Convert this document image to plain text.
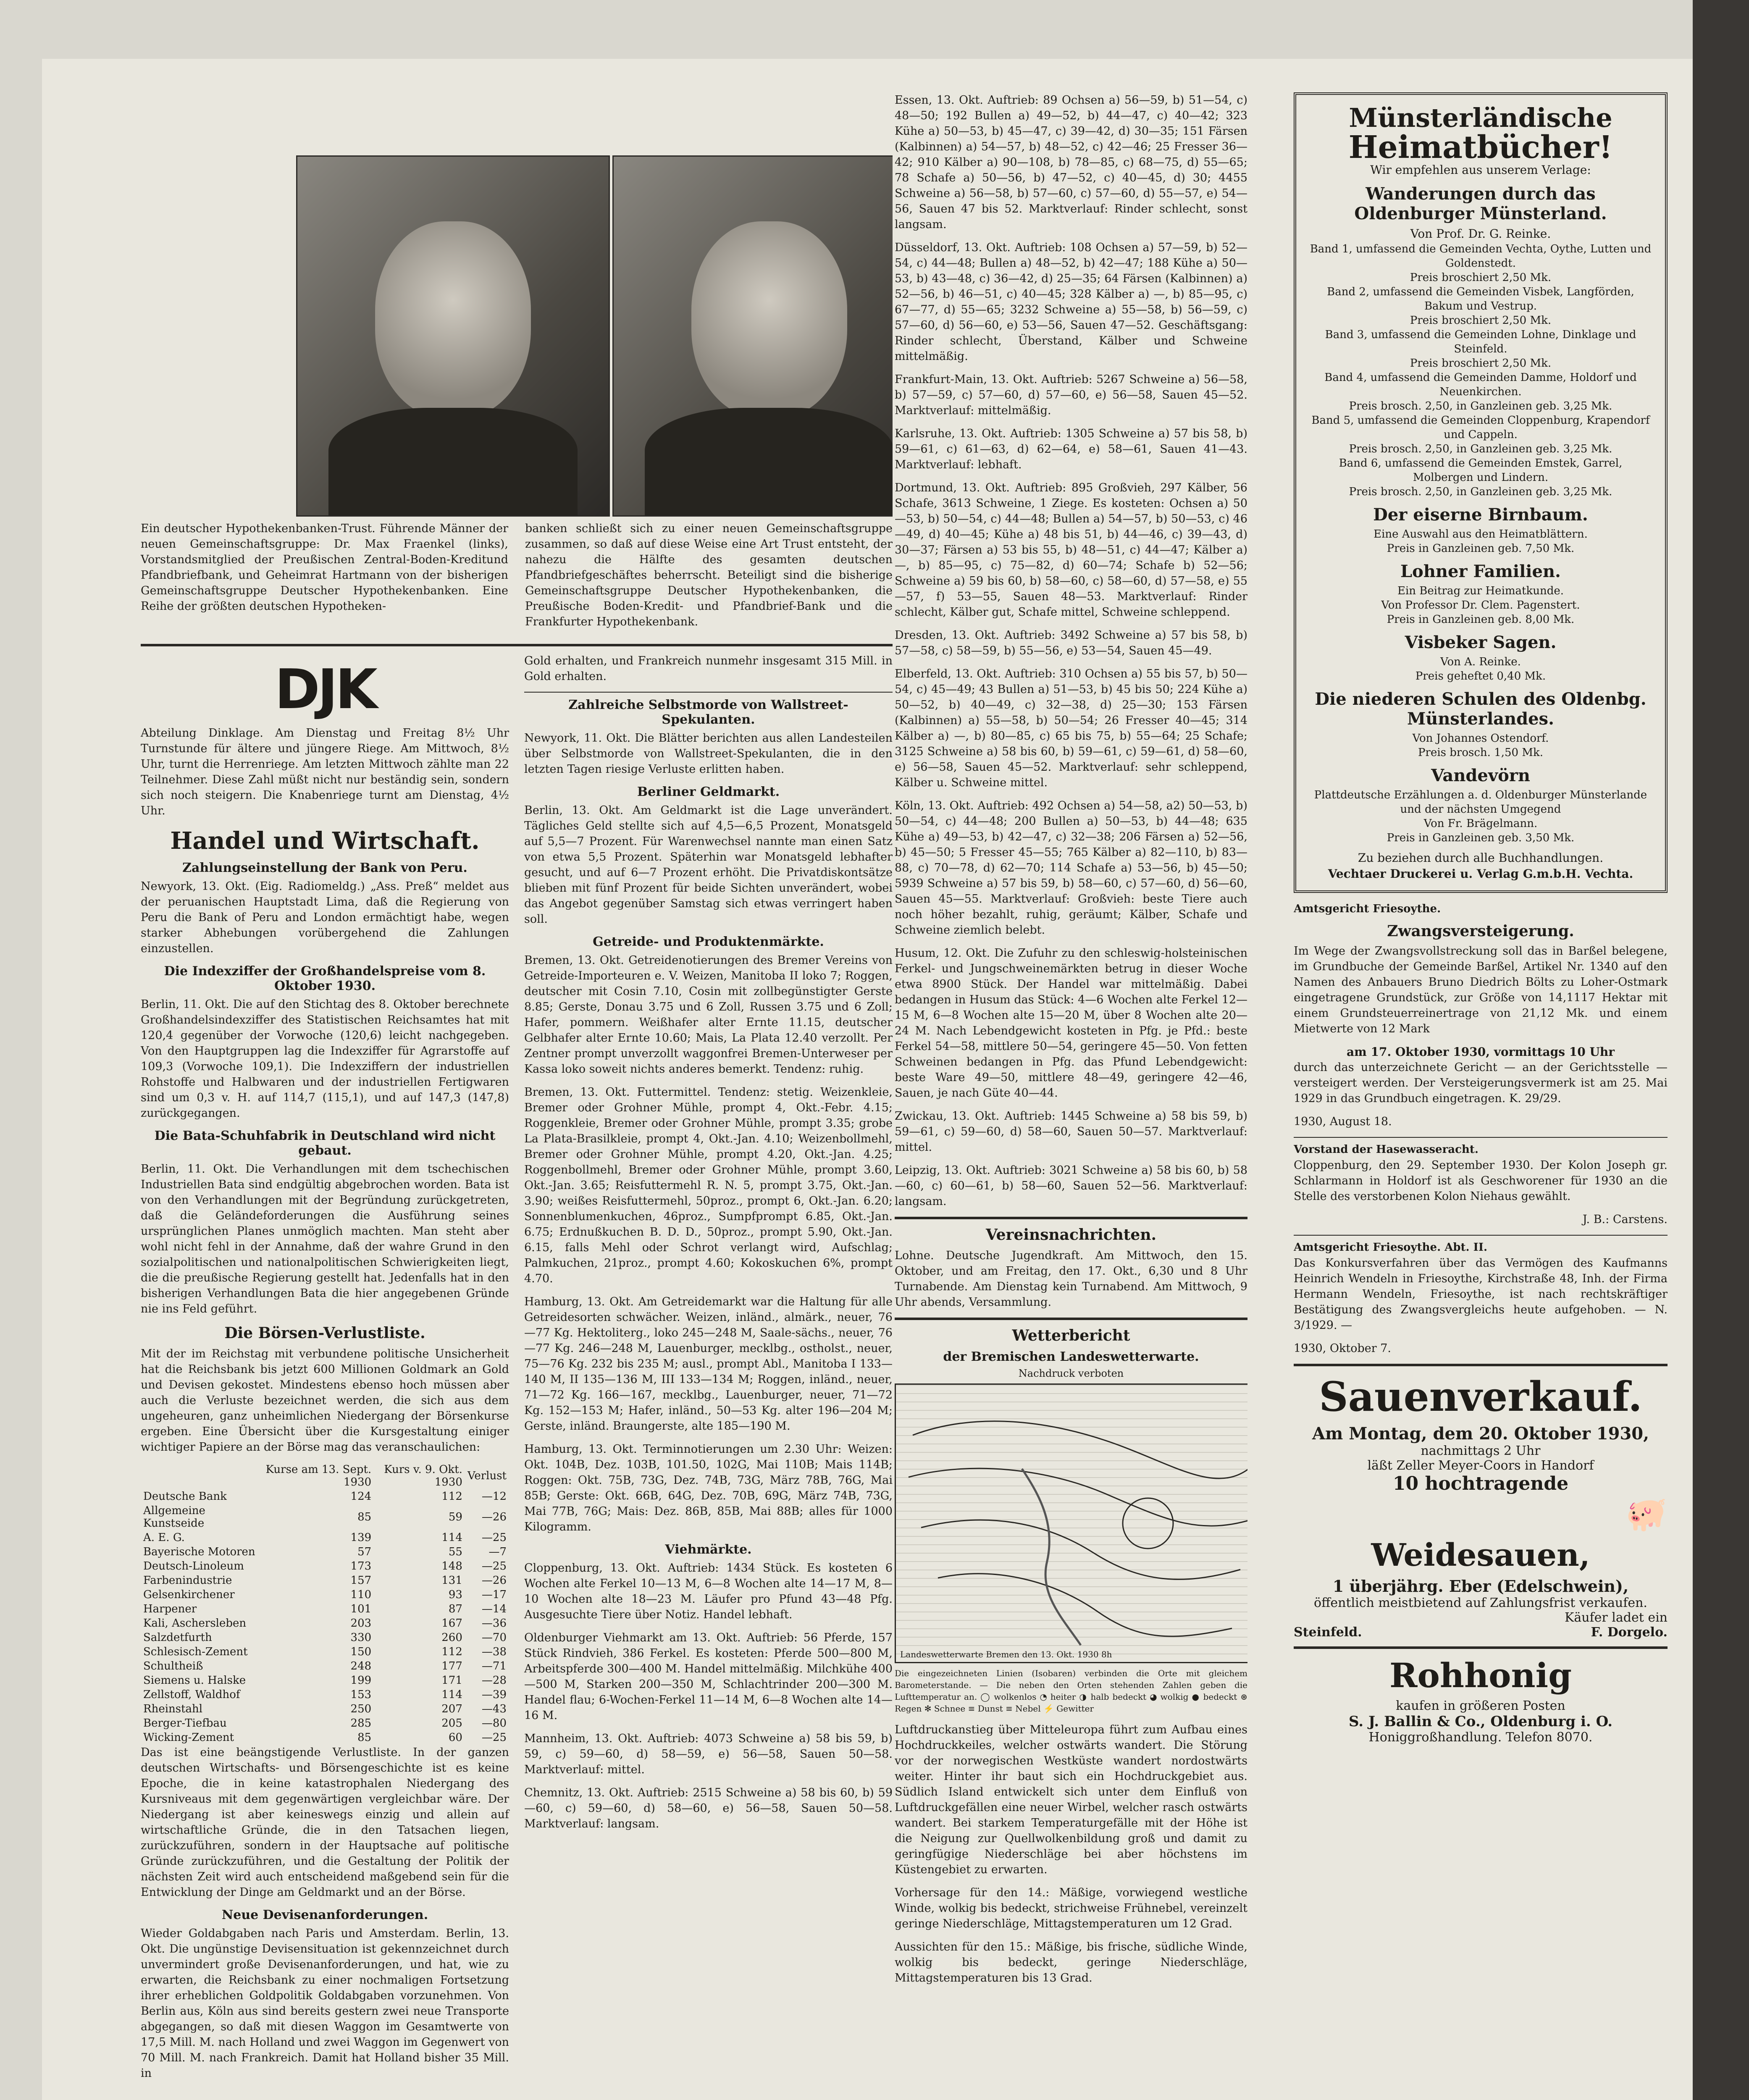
Ein deutscher Hypothekenbanken-Trust. Führende Männer der neuen Gemeinschaftsgruppe: Dr. Max Fraenkel (links), Vorstandsmitglied der Preußischen Zentral-Boden-Kreditund Pfandbriefbank, und Geheimrat Hartmann von der bisherigen Gemeinschaftsgruppe Deutscher Hypothekenbanken. Eine Reihe der größten deutschen Hypotheken-

banken schließt sich zu einer neuen Gemeinschaftsgruppe zusammen, so daß auf diese Weise eine Art Trust entsteht, der nahezu die Hälfte des gesamten deutschen Pfandbriefgeschäftes beherrscht. Beteiligt sind die bisherige Gemeinschaftsgruppe Deutscher Hypothekenbanken, die Preußische Boden-Kredit- und Pfandbrief-Bank und die Frankfurter Hypothekenbank.

DJK

Abteilung Dinklage. Am Dienstag und Freitag 8½ Uhr Turnstunde für ältere und jüngere Riege. Am Mittwoch, 8½ Uhr, turnt die Herrenriege. Am letzten Mittwoch zählte man 22 Teilnehmer. Diese Zahl müßt nicht nur beständig sein, sondern sich noch steigern. Die Knabenriege turnt am Dienstag, 4½ Uhr.

Handel und Wirtschaft.
Zahlungseinstellung der Bank von Peru.

Newyork, 13. Okt. (Eig. Radiomeldg.) „Ass. Preß“ meldet aus der peruanischen Hauptstadt Lima, daß die Regierung von Peru die Bank of Peru and London ermächtigt habe, wegen starker Abhebungen vorübergehend die Zahlungen einzustellen.

Die Indexziffer der Großhandelspreise vom 8. Oktober 1930.

Berlin, 11. Okt. Die auf den Stichtag des 8. Oktober berechnete Großhandelsindexziffer des Statistischen Reichsamtes hat mit 120,4 gegenüber der Vorwoche (120,6) leicht nachgegeben. Von den Hauptgruppen lag die Indexziffer für Agrarstoffe auf 109,3 (Vorwoche 109,1). Die Indexziffern der industriellen Rohstoffe und Halbwaren und der industriellen Fertigwaren sind um 0,3 v. H. auf 114,7 (115,1), und auf 147,3 (147,8) zurückgegangen.

Die Bata-Schuhfabrik in Deutschland wird nicht gebaut.

Berlin, 11. Okt. Die Verhandlungen mit dem tschechischen Industriellen Bata sind endgültig abgebrochen worden. Bata ist von den Verhandlungen mit der Begründung zurückgetreten, daß die Geländeforderungen die Ausführung seines ursprünglichen Planes unmöglich machten. Man steht aber wohl nicht fehl in der Annahme, daß der wahre Grund in den sozialpolitischen und nationalpolitischen Schwierigkeiten liegt, die die preußische Regierung gestellt hat. Jedenfalls hat in den bisherigen Verhandlungen Bata die hier angegebenen Gründe nie ins Feld geführt.

Die Börsen-Verlustliste.

Mit der im Reichstag mit verbundene politische Unsicherheit hat die Reichsbank bis jetzt 600 Millionen Goldmark an Gold und Devisen gekostet. Mindestens ebenso hoch müssen aber auch die Verluste bezeichnet werden, die sich aus dem ungeheuren, ganz unheimlichen Niedergang der Börsenkurse ergeben. Eine Übersicht über die Kursgestaltung einiger wichtiger Papiere an der Börse mag das veranschaulichen:

	Kurse am 13. Sept. 1930	Kurs v. 9. Okt. 1930	Verlust
Deutsche Bank	124	112	—12
Allgemeine Kunstseide	85	59	—26
A. E. G.	139	114	—25
Bayerische Motoren	57	55	—7
Deutsch-Linoleum	173	148	—25
Farbenindustrie	157	131	—26
Gelsenkirchener	110	93	—17
Harpener	101	87	—14
Kali, Aschersleben	203	167	—36
Salzdetfurth	330	260	—70
Schlesisch-Zement	150	112	—38
Schultheiß	248	177	—71
Siemens u. Halske	199	171	—28
Zellstoff, Waldhof	153	114	—39
Rheinstahl	250	207	—43
Berger-Tiefbau	285	205	—80
Wicking-Zement	85	60	—25

Das ist eine beängstigende Verlustliste. In der ganzen deutschen Wirtschafts- und Börsengeschichte ist es keine Epoche, die in keine katastrophalen Niedergang des Kursniveaus mit dem gegenwärtigen vergleichbar wäre. Der Niedergang ist aber keineswegs einzig und allein auf wirtschaftliche Gründe, die in den Tatsachen liegen, zurückzuführen, sondern in der Hauptsache auf politische Gründe zurückzuführen, und die Gestaltung der Politik der nächsten Zeit wird auch entscheidend maßgebend sein für die Entwicklung der Dinge am Geldmarkt und an der Börse.

Neue Devisenanforderungen.

Wieder Goldabgaben nach Paris und Amsterdam. Berlin, 13. Okt. Die ungünstige Devisensituation ist gekennzeichnet durch unvermindert große Devisenanforderungen, und hat, wie zu erwarten, die Reichsbank zu einer nochmaligen Fortsetzung ihrer erheblichen Goldpolitik Goldabgaben vorzunehmen. Von Berlin aus, Köln aus sind bereits gestern zwei neue Transporte abgegangen, so daß mit diesen Waggon im Gesamtwerte von 17,5 Mill. M. nach Holland und zwei Waggon im Gegenwert von 70 Mill. M. nach Frankreich. Damit hat Holland bisher 35 Mill. in

Gold erhalten, und Frankreich nunmehr insgesamt 315 Mill. in Gold erhalten.

Zahlreiche Selbstmorde von Wallstreet-Spekulanten.

Newyork, 11. Okt. Die Blätter berichten aus allen Landesteilen über Selbstmorde von Wallstreet-Spekulanten, die in den letzten Tagen riesige Verluste erlitten haben.

Berliner Geldmarkt.

Berlin, 13. Okt. Am Geldmarkt ist die Lage unverändert. Tägliches Geld stellte sich auf 4,5—6,5 Prozent, Monatsgeld auf 5,5—7 Prozent. Für Warenwechsel nannte man einen Satz von etwa 5,5 Prozent. Späterhin war Monatsgeld lebhafter gesucht, und auf 6—7 Prozent erhöht. Die Privatdiskontsätze blieben mit fünf Prozent für beide Sichten unverändert, wobei das Angebot gegenüber Samstag sich etwas verringert haben soll.

Getreide- und Produktenmärkte.

Bremen, 13. Okt. Getreidenotierungen des Bremer Vereins von Getreide-Importeuren e. V. Weizen, Manitoba II loko 7; Roggen, deutscher mit Cosin 7.10, Cosin mit zollbegünstigter Gerste 8.85; Gerste, Donau 3.75 und 6 Zoll, Russen 3.75 und 6 Zoll; Hafer, pommern. Weißhafer alter Ernte 11.15, deutscher Gelbhafer alter Ernte 10.60; Mais, La Plata 12.40 verzollt. Per Zentner prompt unverzollt waggonfrei Bremen-Unterweser per Kassa loko soweit nichts anderes bemerkt. Tendenz: ruhig.

Bremen, 13. Okt. Futtermittel. Tendenz: stetig. Weizenkleie, Bremer oder Grohner Mühle, prompt 4, Okt.-Febr. 4.15; Roggenkleie, Bremer oder Grohner Mühle, prompt 3.35; grobe La Plata-Brasilkleie, prompt 4, Okt.-Jan. 4.10; Weizenbollmehl, Bremer oder Grohner Mühle, prompt 4.20, Okt.-Jan. 4.25; Roggenbollmehl, Bremer oder Grohner Mühle, prompt 3.60, Okt.-Jan. 3.65; Reisfuttermehl R. N. 5, prompt 3.75, Okt.-Jan. 3.90; weißes Reisfuttermehl, 50proz., prompt 6, Okt.-Jan. 6.20; Sonnenblumenkuchen, 46proz., Sumpfprompt 6.85, Okt.-Jan. 6.75; Erdnußkuchen B. D. D., 50proz., prompt 5.90, Okt.-Jan. 6.15, falls Mehl oder Schrot verlangt wird, Aufschlag; Palmkuchen, 21proz., prompt 4.60; Kokoskuchen 6%, prompt 4.70.

Hamburg, 13. Okt. Am Getreidemarkt war die Haltung für alle Getreidesorten schwächer. Weizen, inländ., almärk., neuer, 76—77 Kg. Hektoliterg., loko 245—248 M, Saale-sächs., neuer, 76—77 Kg. 246—248 M, Lauenburger, mecklbg., ostholst., neuer, 75—76 Kg. 232 bis 235 M; ausl., prompt Abl., Manitoba I 133—140 M, II 135—136 M, III 133—134 M; Roggen, inländ., neuer, 71—72 Kg. 166—167, mecklbg., Lauenburger, neuer, 71—72 Kg. 152—153 M; Hafer, inländ., 50—53 Kg. alter 196—204 M; Gerste, inländ. Braungerste, alte 185—190 M.

Hamburg, 13. Okt. Terminnotierungen um 2.30 Uhr: Weizen: Okt. 104B, Dez. 103B, 101.50, 102G, Mai 110B; Mais 114B; Roggen: Okt. 75B, 73G, Dez. 74B, 73G, März 78B, 76G, Mai 85B; Gerste: Okt. 66B, 64G, Dez. 70B, 69G, März 74B, 73G, Mai 77B, 76G; Mais: Dez. 86B, 85B, Mai 88B; alles für 1000 Kilogramm.

Viehmärkte.

Cloppenburg, 13. Okt. Auftrieb: 1434 Stück. Es kosteten 6 Wochen alte Ferkel 10—13 M, 6—8 Wochen alte 14—17 M, 8—10 Wochen alte 18—23 M. Läufer pro Pfund 43—48 Pfg. Ausgesuchte Tiere über Notiz. Handel lebhaft.

Oldenburger Viehmarkt am 13. Okt. Auftrieb: 56 Pferde, 157 Stück Rindvieh, 386 Ferkel. Es kosteten: Pferde 500—800 M, Arbeitspferde 300—400 M. Handel mittelmäßig. Milchkühe 400—500 M, Starken 200—350 M, Schlachtrinder 200—300 M. Handel flau; 6-Wochen-Ferkel 11—14 M, 6—8 Wochen alte 14—16 M.

Mannheim, 13. Okt. Auftrieb: 4073 Schweine a) 58 bis 59, b) 59, c) 59—60, d) 58—59, e) 56—58, Sauen 50—58. Marktverlauf: mittel.

Chemnitz, 13. Okt. Auftrieb: 2515 Schweine a) 58 bis 60, b) 59—60, c) 59—60, d) 58—60, e) 56—58, Sauen 50—58. Marktverlauf: langsam.

Essen, 13. Okt. Auftrieb: 89 Ochsen a) 56—59, b) 51—54, c) 48—50; 192 Bullen a) 49—52, b) 44—47, c) 40—42; 323 Kühe a) 50—53, b) 45—47, c) 39—42, d) 30—35; 151 Färsen (Kalbinnen) a) 54—57, b) 48—52, c) 42—46; 25 Fresser 36—42; 910 Kälber a) 90—108, b) 78—85, c) 68—75, d) 55—65; 78 Schafe a) 50—56, b) 47—52, c) 40—45, d) 30; 4455 Schweine a) 56—58, b) 57—60, c) 57—60, d) 55—57, e) 54—56, Sauen 47 bis 52. Marktverlauf: Rinder schlecht, sonst langsam.

Düsseldorf, 13. Okt. Auftrieb: 108 Ochsen a) 57—59, b) 52—54, c) 44—48; Bullen a) 48—52, b) 42—47; 188 Kühe a) 50—53, b) 43—48, c) 36—42, d) 25—35; 64 Färsen (Kalbinnen) a) 52—56, b) 46—51, c) 40—45; 328 Kälber a) —, b) 85—95, c) 67—77, d) 55—65; 3232 Schweine a) 55—58, b) 56—59, c) 57—60, d) 56—60, e) 53—56, Sauen 47—52. Geschäftsgang: Rinder schlecht, Überstand, Kälber und Schweine mittelmäßig.

Frankfurt-Main, 13. Okt. Auftrieb: 5267 Schweine a) 56—58, b) 57—59, c) 57—60, d) 57—60, e) 56—58, Sauen 45—52. Marktverlauf: mittelmäßig.

Karlsruhe, 13. Okt. Auftrieb: 1305 Schweine a) 57 bis 58, b) 59—61, c) 61—63, d) 62—64, e) 58—61, Sauen 41—43. Marktverlauf: lebhaft.

Dortmund, 13. Okt. Auftrieb: 895 Großvieh, 297 Kälber, 56 Schafe, 3613 Schweine, 1 Ziege. Es kosteten: Ochsen a) 50—53, b) 50—54, c) 44—48; Bullen a) 54—57, b) 50—53, c) 46—49, d) 40—45; Kühe a) 48 bis 51, b) 44—46, c) 39—43, d) 30—37; Färsen a) 53 bis 55, b) 48—51, c) 44—47; Kälber a) —, b) 85—95, c) 75—82, d) 60—74; Schafe b) 52—56; Schweine a) 59 bis 60, b) 58—60, c) 58—60, d) 57—58, e) 55—57, f) 53—55, Sauen 48—53. Marktverlauf: Rinder schlecht, Kälber gut, Schafe mittel, Schweine schleppend.

Dresden, 13. Okt. Auftrieb: 3492 Schweine a) 57 bis 58, b) 57—58, c) 58—59, b) 55—56, e) 53—54, Sauen 45—49.

Elberfeld, 13. Okt. Auftrieb: 310 Ochsen a) 55 bis 57, b) 50—54, c) 45—49; 43 Bullen a) 51—53, b) 45 bis 50; 224 Kühe a) 50—52, b) 40—49, c) 32—38, d) 25—30; 153 Färsen (Kalbinnen) a) 55—58, b) 50—54; 26 Fresser 40—45; 314 Kälber a) —, b) 80—85, c) 65 bis 75, b) 55—64; 25 Schafe; 3125 Schweine a) 58 bis 60, b) 59—61, c) 59—61, d) 58—60, e) 56—58, Sauen 45—52. Marktverlauf: sehr schleppend, Kälber u. Schweine mittel.

Köln, 13. Okt. Auftrieb: 492 Ochsen a) 54—58, a2) 50—53, b) 50—54, c) 44—48; 200 Bullen a) 50—53, b) 44—48; 635 Kühe a) 49—53, b) 42—47, c) 32—38; 206 Färsen a) 52—56, b) 45—50; 5 Fresser 45—55; 765 Kälber a) 82—110, b) 83—88, c) 70—78, d) 62—70; 114 Schafe a) 53—56, b) 45—50; 5939 Schweine a) 57 bis 59, b) 58—60, c) 57—60, d) 56—60, Sauen 45—55. Marktverlauf: Großvieh: beste Tiere auch noch höher bezahlt, ruhig, geräumt; Kälber, Schafe und Schweine ziemlich belebt.

Husum, 12. Okt. Die Zufuhr zu den schleswig-holsteinischen Ferkel- und Jungschweinemärkten betrug in dieser Woche etwa 8900 Stück. Der Handel war mittelmäßig. Dabei bedangen in Husum das Stück: 4—6 Wochen alte Ferkel 12—15 M, 6—8 Wochen alte 15—20 M, über 8 Wochen alte 20—24 M. Nach Lebendgewicht kosteten in Pfg. je Pfd.: beste Ferkel 54—58, mittlere 50—54, geringere 45—50. Von fetten Schweinen bedangen in Pfg. das Pfund Lebendgewicht: beste Ware 49—50, mittlere 48—49, geringere 42—46, Sauen, je nach Güte 40—44.

Zwickau, 13. Okt. Auftrieb: 1445 Schweine a) 58 bis 59, b) 59—61, c) 59—60, d) 58—60, Sauen 50—57. Marktverlauf: mittel.

Leipzig, 13. Okt. Auftrieb: 3021 Schweine a) 58 bis 60, b) 58—60, c) 60—61, b) 58—60, Sauen 52—56. Marktverlauf: langsam.

Vereinsnachrichten.

Lohne. Deutsche Jugendkraft. Am Mittwoch, den 15. Oktober, und am Freitag, den 17. Okt., 6,30 und 8 Uhr Turnabende. Am Dienstag kein Turnabend. Am Mittwoch, 9 Uhr abends, Versammlung.

Wetterbericht
der Bremischen Landeswetterwarte.
Nachdruck verboten
Landeswetterwarte Bremen den 13. Okt. 1930 8h

Die eingezeichneten Linien (Isobaren) verbinden die Orte mit gleichem Barometerstande. — Die neben den Orten stehenden Zahlen geben die Lufttemperatur an. ◯ wolkenlos ◔ heiter ◑ halb bedeckt ◕ wolkig ● bedeckt ⊛ Regen ✻ Schnee ≡ Dunst ≡ Nebel ⚡ Gewitter

Luftdruckanstieg über Mitteleuropa führt zum Aufbau eines Hochdruckkeiles, welcher ostwärts wandert. Die Störung vor der norwegischen Westküste wandert nordostwärts weiter. Hinter ihr baut sich ein Hochdruckgebiet aus. Südlich Island entwickelt sich unter dem Einfluß von Luftdruckgefällen eine neuer Wirbel, welcher rasch ostwärts wandert. Bei starkem Temperaturgefälle mit der Höhe ist die Neigung zur Quellwolkenbildung groß und damit zu geringfügige Niederschläge bei aber höchstens im Küstengebiet zu erwarten.

Vorhersage für den 14.: Mäßige, vorwiegend westliche Winde, wolkig bis bedeckt, strichweise Frühnebel, vereinzelt geringe Niederschläge, Mittagstemperaturen um 12 Grad.

Aussichten für den 15.: Mäßige, bis frische, südliche Winde, wolkig bis bedeckt, geringe Niederschläge, Mittagstemperaturen bis 13 Grad.

Münsterländische
Heimatbücher!
Wir empfehlen aus unserem Verlage:
Wanderungen durch das Oldenburger Münsterland.
Von Prof. Dr. G. Reinke.
Band 1, umfassend die Gemeinden Vechta, Oythe, Lutten und Goldenstedt.
Preis broschiert 2,50 Mk.
Band 2, umfassend die Gemeinden Visbek, Langförden, Bakum und Vestrup.
Preis broschiert 2,50 Mk.
Band 3, umfassend die Gemeinden Lohne, Dinklage und Steinfeld.
Preis broschiert 2,50 Mk.
Band 4, umfassend die Gemeinden Damme, Holdorf und Neuenkirchen.
Preis brosch. 2,50, in Ganzleinen geb. 3,25 Mk.
Band 5, umfassend die Gemeinden Cloppenburg, Krapendorf und Cappeln.
Preis brosch. 2,50, in Ganzleinen geb. 3,25 Mk.
Band 6, umfassend die Gemeinden Emstek, Garrel, Molbergen und Lindern.
Preis brosch. 2,50, in Ganzleinen geb. 3,25 Mk.
Der eiserne Birnbaum.
Eine Auswahl aus den Heimatblättern.
Preis in Ganzleinen geb. 7,50 Mk.
Lohner Familien.
Ein Beitrag zur Heimatkunde.
Von Professor Dr. Clem. Pagenstert.
Preis in Ganzleinen geb. 8,00 Mk.
Visbeker Sagen.
Von A. Reinke.
Preis geheftet 0,40 Mk.
Die niederen Schulen des Oldenbg. Münsterlandes.
Von Johannes Ostendorf.
Preis brosch. 1,50 Mk.
Vandevörn
Plattdeutsche Erzählungen a. d. Oldenburger Münsterlande und der nächsten Umgegend
Von Fr. Brägelmann.
Preis in Ganzleinen geb. 3,50 Mk.
Zu beziehen durch alle Buchhandlungen.
Vechtaer Druckerei u. Verlag G.m.b.H. Vechta.
Amtsgericht Friesoythe.
Zwangsversteigerung.

Im Wege der Zwangsvollstreckung soll das in Barßel belegene, im Grundbuche der Gemeinde Barßel, Artikel Nr. 1340 auf den Namen des Anbauers Bruno Diedrich Bölts zu Loher-Ostmark eingetragene Grundstück, zur Größe von 14,1117 Hektar mit einem Grundsteuerreinertrage von 21,12 Mk. und einem Mietwerte von 12 Mark

am 17. Oktober 1930, vormittags 10 Uhr

durch das unterzeichnete Gericht — an der Gerichtsstelle — versteigert werden. Der Versteigerungsvermerk ist am 25. Mai 1929 in das Grundbuch eingetragen. K. 29/29.

1930, August 18.

Vorstand der Hasewasseracht.

Cloppenburg, den 29. September 1930. Der Kolon Joseph gr. Schlarmann in Holdorf ist als Geschworener für 1930 an die Stelle des verstorbenen Kolon Niehaus gewählt.

J. B.: Carstens.

Amtsgericht Friesoythe. Abt. II.

Das Konkursverfahren über das Vermögen des Kaufmanns Heinrich Wendeln in Friesoythe, Kirchstraße 48, Inh. der Firma Hermann Wendeln, Friesoythe, ist nach rechtskräftiger Bestätigung des Zwangsvergleichs heute aufgehoben. — N. 3/1929. —

1930, Oktober 7.

Sauenverkauf.
Am Montag, dem 20. Oktober 1930,
nachmittags 2 Uhr
läßt Zeller Meyer-Coors in Handorf
10 hochtragende
🐖
Weidesauen,
1 überjährg. Eber (Edelschwein),
öffentlich meistbietend auf Zahlungsfrist verkaufen.
Käufer ladet ein
Steinfeld.	F. Dorgelo.
Rohhonig
kaufen in größeren Posten
S. J. Ballin & Co., Oldenburg i. O.
Honiggroßhandlung. Telefon 8070.
